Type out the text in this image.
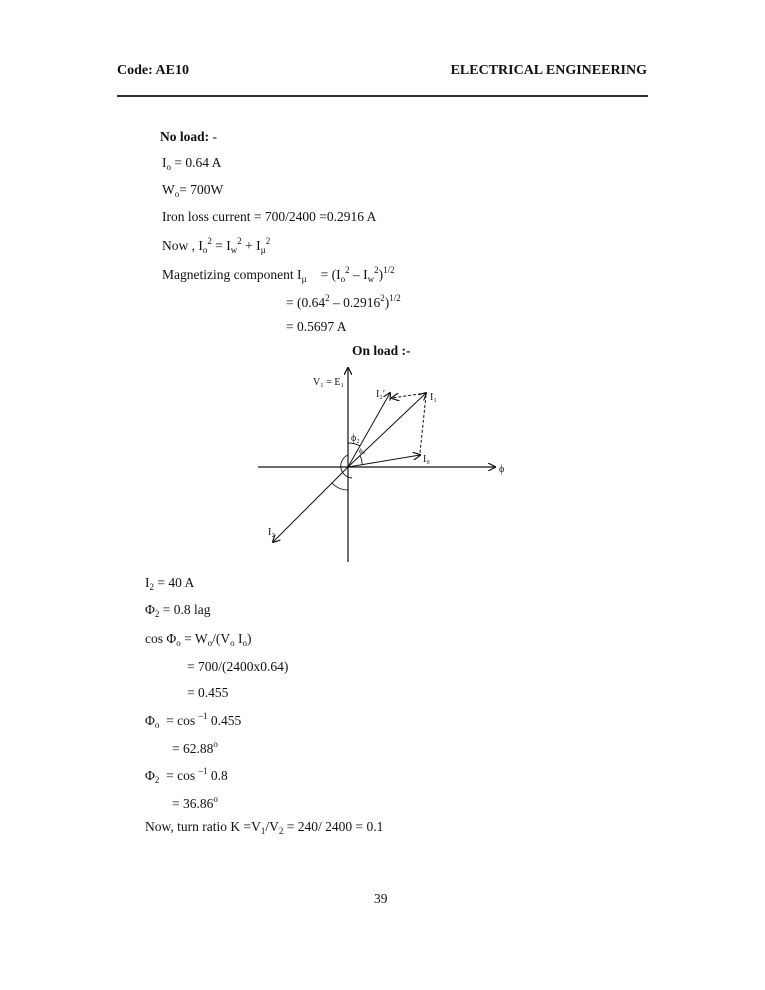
Code: AE10	ELECTRICAL ENGINEERING
No load: -
$I_o = 0.64$ A
$W_o= 700W$
Iron loss current = 700/2400 =0.2916 A
Now , $I_o^2 = I_w^2 + I_\mu^2$
Magnetizing component $I_\mu = (I_o^2 - I_w^2)^{1/2}$
= $(0.64^2 - 0.2916^2)^{1/2}$
= 0.5697 A
On load :-
V₁ = E₁
I₂′	I₁
I₀
ϕ
ϕ₂
ϕ₀
I₂
$I_2 = 40$ A
$\Phi_2 = 0.8$ lag
$\cos \Phi_o = W_o/(V_o$ $I_o$)
= 700/(2400x0.64)
= 0.455
$\Phi_o = \cos ^{-1}$ 0.455
= $62.88^o$
$\Phi_2 = \cos ^{-1}$ 0.8
= $36.86^o$
Now, turn ratio $K =V_1/V_2 = 240/$ 2400 = 0.1
39
